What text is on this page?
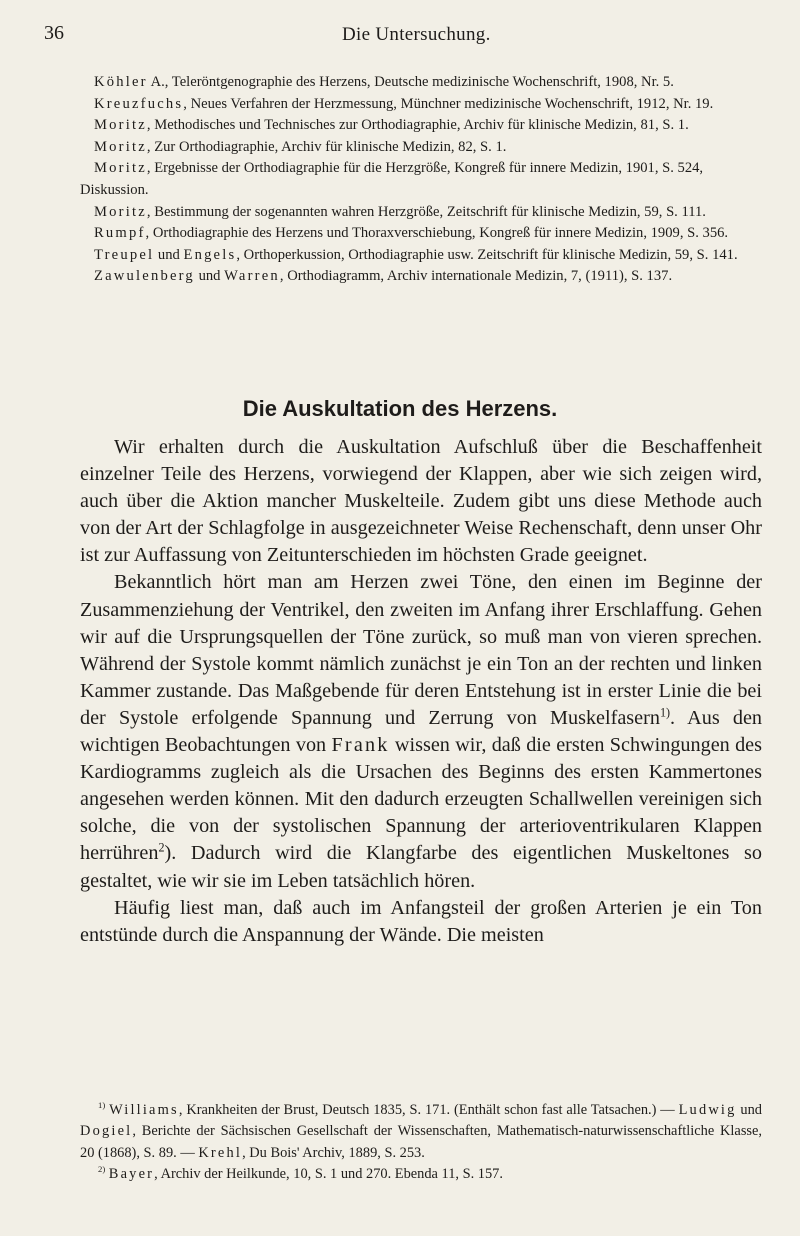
36	Die Untersuchung.

Köhler A., Teleröntgenographie des Herzens, Deutsche medizinische Wochenschrift, 1908, Nr. 5.

Kreuzfuchs, Neues Verfahren der Herzmessung, Münchner medizinische Wochenschrift, 1912, Nr. 19.

Moritz, Methodisches und Technisches zur Orthodiagraphie, Archiv für klinische Medizin, 81, S. 1.

Moritz, Zur Orthodiagraphie, Archiv für klinische Medizin, 82, S. 1.

Moritz, Ergebnisse der Orthodiagraphie für die Herzgröße, Kongreß für innere Medizin, 1901, S. 524, Diskussion.

Moritz, Bestimmung der sogenannten wahren Herzgröße, Zeitschrift für klinische Medizin, 59, S. 111.

Rumpf, Orthodiagraphie des Herzens und Thoraxverschiebung, Kongreß für innere Medizin, 1909, S. 356.

Treupel und Engels, Orthoperkussion, Orthodiagraphie usw. Zeitschrift für klinische Medizin, 59, S. 141.

Zawulenberg und Warren, Orthodiagramm, Archiv internationale Medizin, 7, (1911), S. 137.

Die Auskultation des Herzens.

Wir erhalten durch die Auskultation Aufschluß über die Beschaffenheit einzelner Teile des Herzens, vorwiegend der Klappen, aber wie sich zeigen wird, auch über die Aktion mancher Muskelteile. Zudem gibt uns diese Methode auch von der Art der Schlagfolge in ausgezeichneter Weise Rechenschaft, denn unser Ohr ist zur Auffassung von Zeitunterschieden im höchsten Grade geeignet.

Bekanntlich hört man am Herzen zwei Töne, den einen im Beginne der Zusammenziehung der Ventrikel, den zweiten im Anfang ihrer Erschlaffung. Gehen wir auf die Ursprungsquellen der Töne zurück, so muß man von vieren sprechen. Während der Systole kommt nämlich zunächst je ein Ton an der rechten und linken Kammer zustande. Das Maßgebende für deren Entstehung ist in erster Linie die bei der Systole erfolgende Spannung und Zerrung von Muskelfasern$^{1)}$. Aus den wichtigen Beobachtungen von Frank wissen wir, daß die ersten Schwingungen des Kardiogramms zugleich als die Ursachen des Beginns des ersten Kammertones angesehen werden können. Mit den dadurch erzeugten Schallwellen vereinigen sich solche, die von der systolischen Spannung der arterioventrikularen Klappen herrühren$^2$). Dadurch wird die Klangfarbe des eigentlichen Muskeltones so gestaltet, wie wir sie im Leben tatsächlich hören.

Häufig liest man, daß auch im Anfangsteil der großen Arterien je ein Ton entstünde durch die Anspannung der Wände. Die meisten

$^{1)}$ Williams, Krankheiten der Brust, Deutsch 1835, S. 171. (Enthält schon fast alle Tatsachen.) — Ludwig und Dogiel, Berichte der Sächsischen Gesellschaft der Wissenschaften, Mathematisch-naturwissenschaftliche Klasse, 20 (1868), S. 89. — Krehl, Du Bois' Archiv, 1889, S. 253.

$^{2)}$ Bayer, Archiv der Heilkunde, 10, S. 1 und 270. Ebenda 11, S. 157.
